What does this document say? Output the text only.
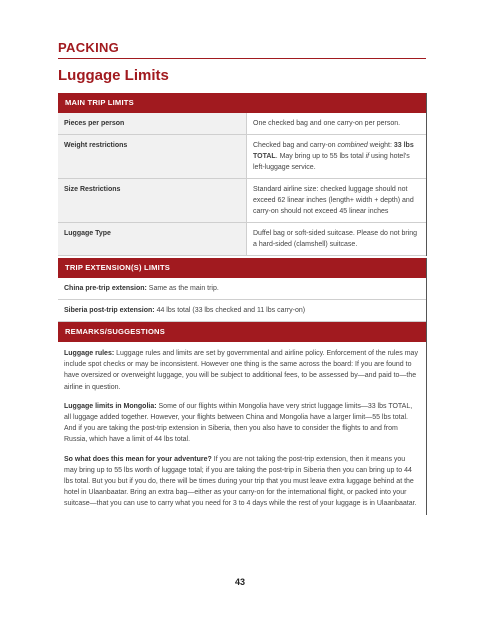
PACKING
Luggage Limits
MAIN TRIP LIMITS
Pieces per person	One checked bag and one carry-on per person.
Weight restrictions	Checked bag and carry-on combined weight: 33 lbs TOTAL. May bring up to 55 lbs total if using hotel’s left-luggage service.
Size Restrictions	Standard airline size: checked luggage should not exceed 62 linear inches (length+ width + depth) and carry-on should not exceed 45 linear inches
Luggage Type	Duffel bag or soft-sided suitcase. Please do not bring a hard-sided (clamshell) suitcase.
TRIP EXTENSION(S) LIMITS
China pre-trip extension: Same as the main trip.
Siberia post-trip extension: 44 lbs total (33 lbs checked and 11 lbs carry-on)
REMARKS/SUGGESTIONS
Luggage rules: Luggage rules and limits are set by governmental and airline policy. Enforcement of the rules may include spot checks or may be inconsistent. However one thing is the same across the board: If you are found to have oversized or overweight luggage, you will be subject to additional fees, to be assessed by—and paid to—the airline in question.
Luggage limits in Mongolia: Some of our flights within Mongolia have very strict luggage limits—33 lbs TOTAL, all luggage added together. However, your flights between China and Mongolia have a larger limit—55 lbs total. And if you are taking the post-trip extension in Siberia, then you also have to consider the flights to and from Russia, which have a limit of 44 lbs total.
So what does this mean for your adventure? If you are not taking the post-trip extension, then it means you may bring up to 55 lbs worth of luggage total; if you are taking the post-trip in Siberia then you can bring up to 44 lbs total. But you but if you do, there will be times during your trip that you must leave extra luggage behind at the hotel in Ulaanbaatar. Bring an extra bag—either as your carry-on for the international flight, or packed into your suitcase—that you can use to carry what you need for 3 to 4 days while the rest of your luggage is in Ulaanbaatar.
43
